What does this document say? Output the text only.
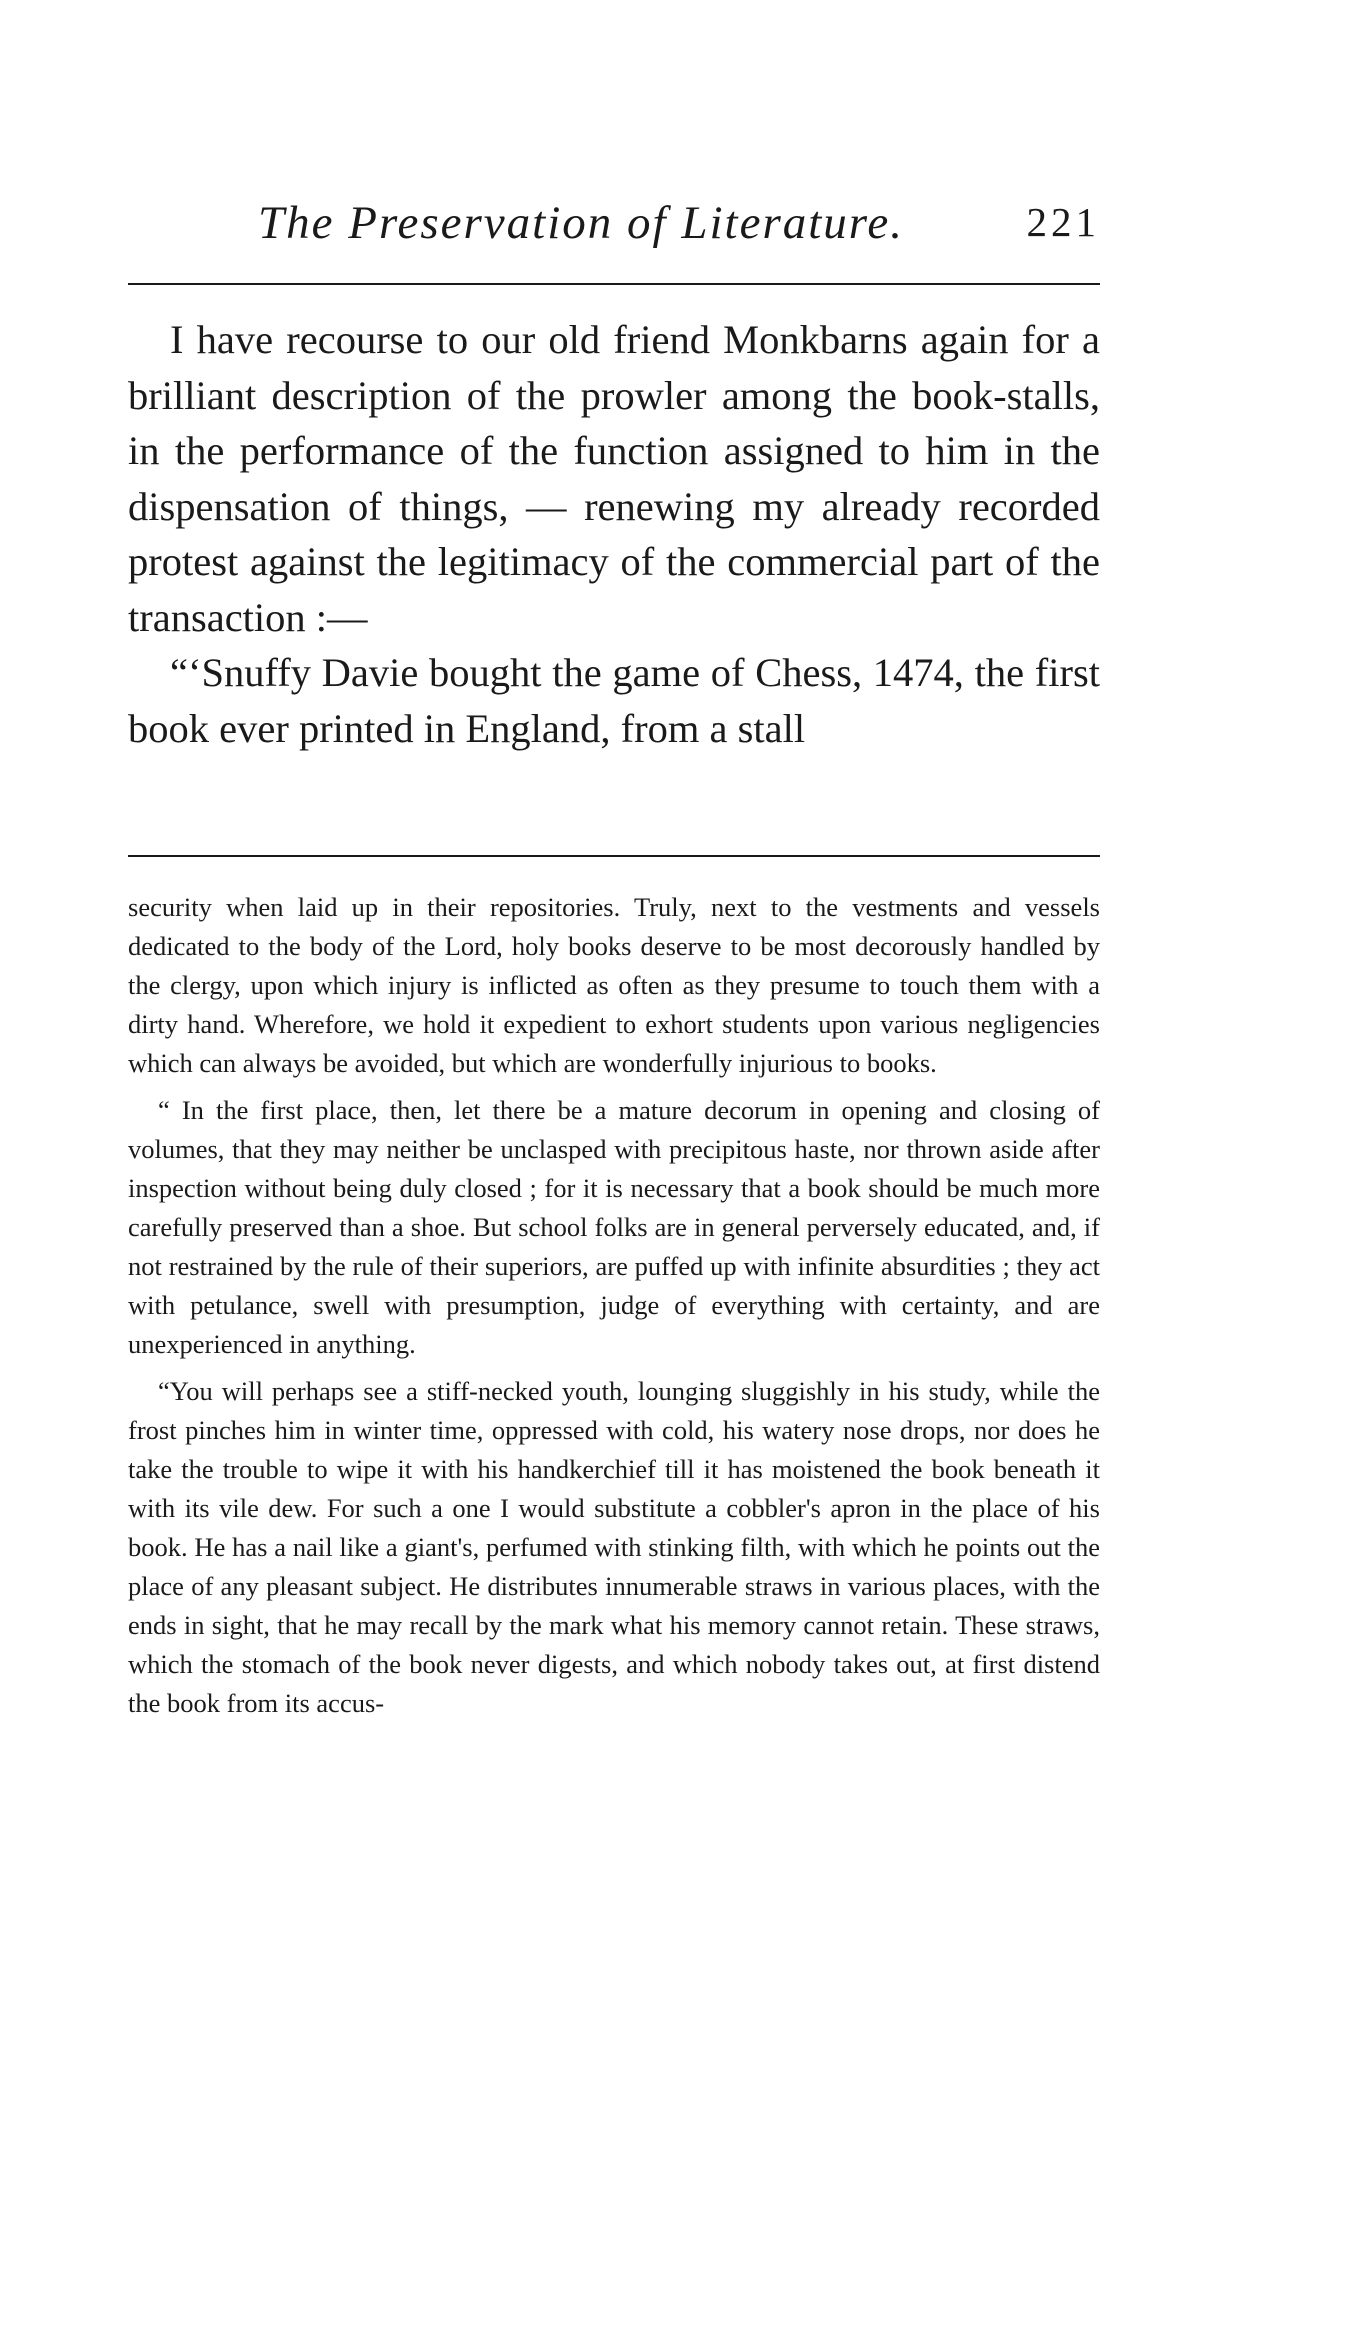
The Preservation of Literature.	221

I have recourse to our old friend Monkbarns again for a brilliant description of the prowler among the book-stalls, in the performance of the function assigned to him in the dispensation of things, — renewing my already recorded protest against the legitimacy of the commercial part of the transaction :—

“‘Snuffy Davie bought the game of Chess, 1474, the first book ever printed in England, from a stall

security when laid up in their repositories. Truly, next to the vestments and vessels dedicated to the body of the Lord, holy books deserve to be most decorously handled by the clergy, upon which injury is inflicted as often as they presume to touch them with a dirty hand. Wherefore, we hold it expedient to exhort students upon various negligencies which can always be avoided, but which are wonderfully injurious to books.

“ In the first place, then, let there be a mature decorum in opening and closing of volumes, that they may neither be unclasped with precipitous haste, nor thrown aside after inspection without being duly closed ; for it is necessary that a book should be much more carefully preserved than a shoe. But school folks are in general perversely educated, and, if not restrained by the rule of their superiors, are puffed up with infinite absurdities ; they act with petulance, swell with presumption, judge of everything with certainty, and are unexperienced in anything.

“You will perhaps see a stiff-necked youth, lounging sluggishly in his study, while the frost pinches him in winter time, oppressed with cold, his watery nose drops, nor does he take the trouble to wipe it with his handkerchief till it has moistened the book beneath it with its vile dew. For such a one I would substitute a cobbler's apron in the place of his book. He has a nail like a giant's, perfumed with stinking filth, with which he points out the place of any pleasant subject. He distributes innumerable straws in various places, with the ends in sight, that he may recall by the mark what his memory cannot retain. These straws, which the stomach of the book never digests, and which nobody takes out, at first distend the book from its accus-
